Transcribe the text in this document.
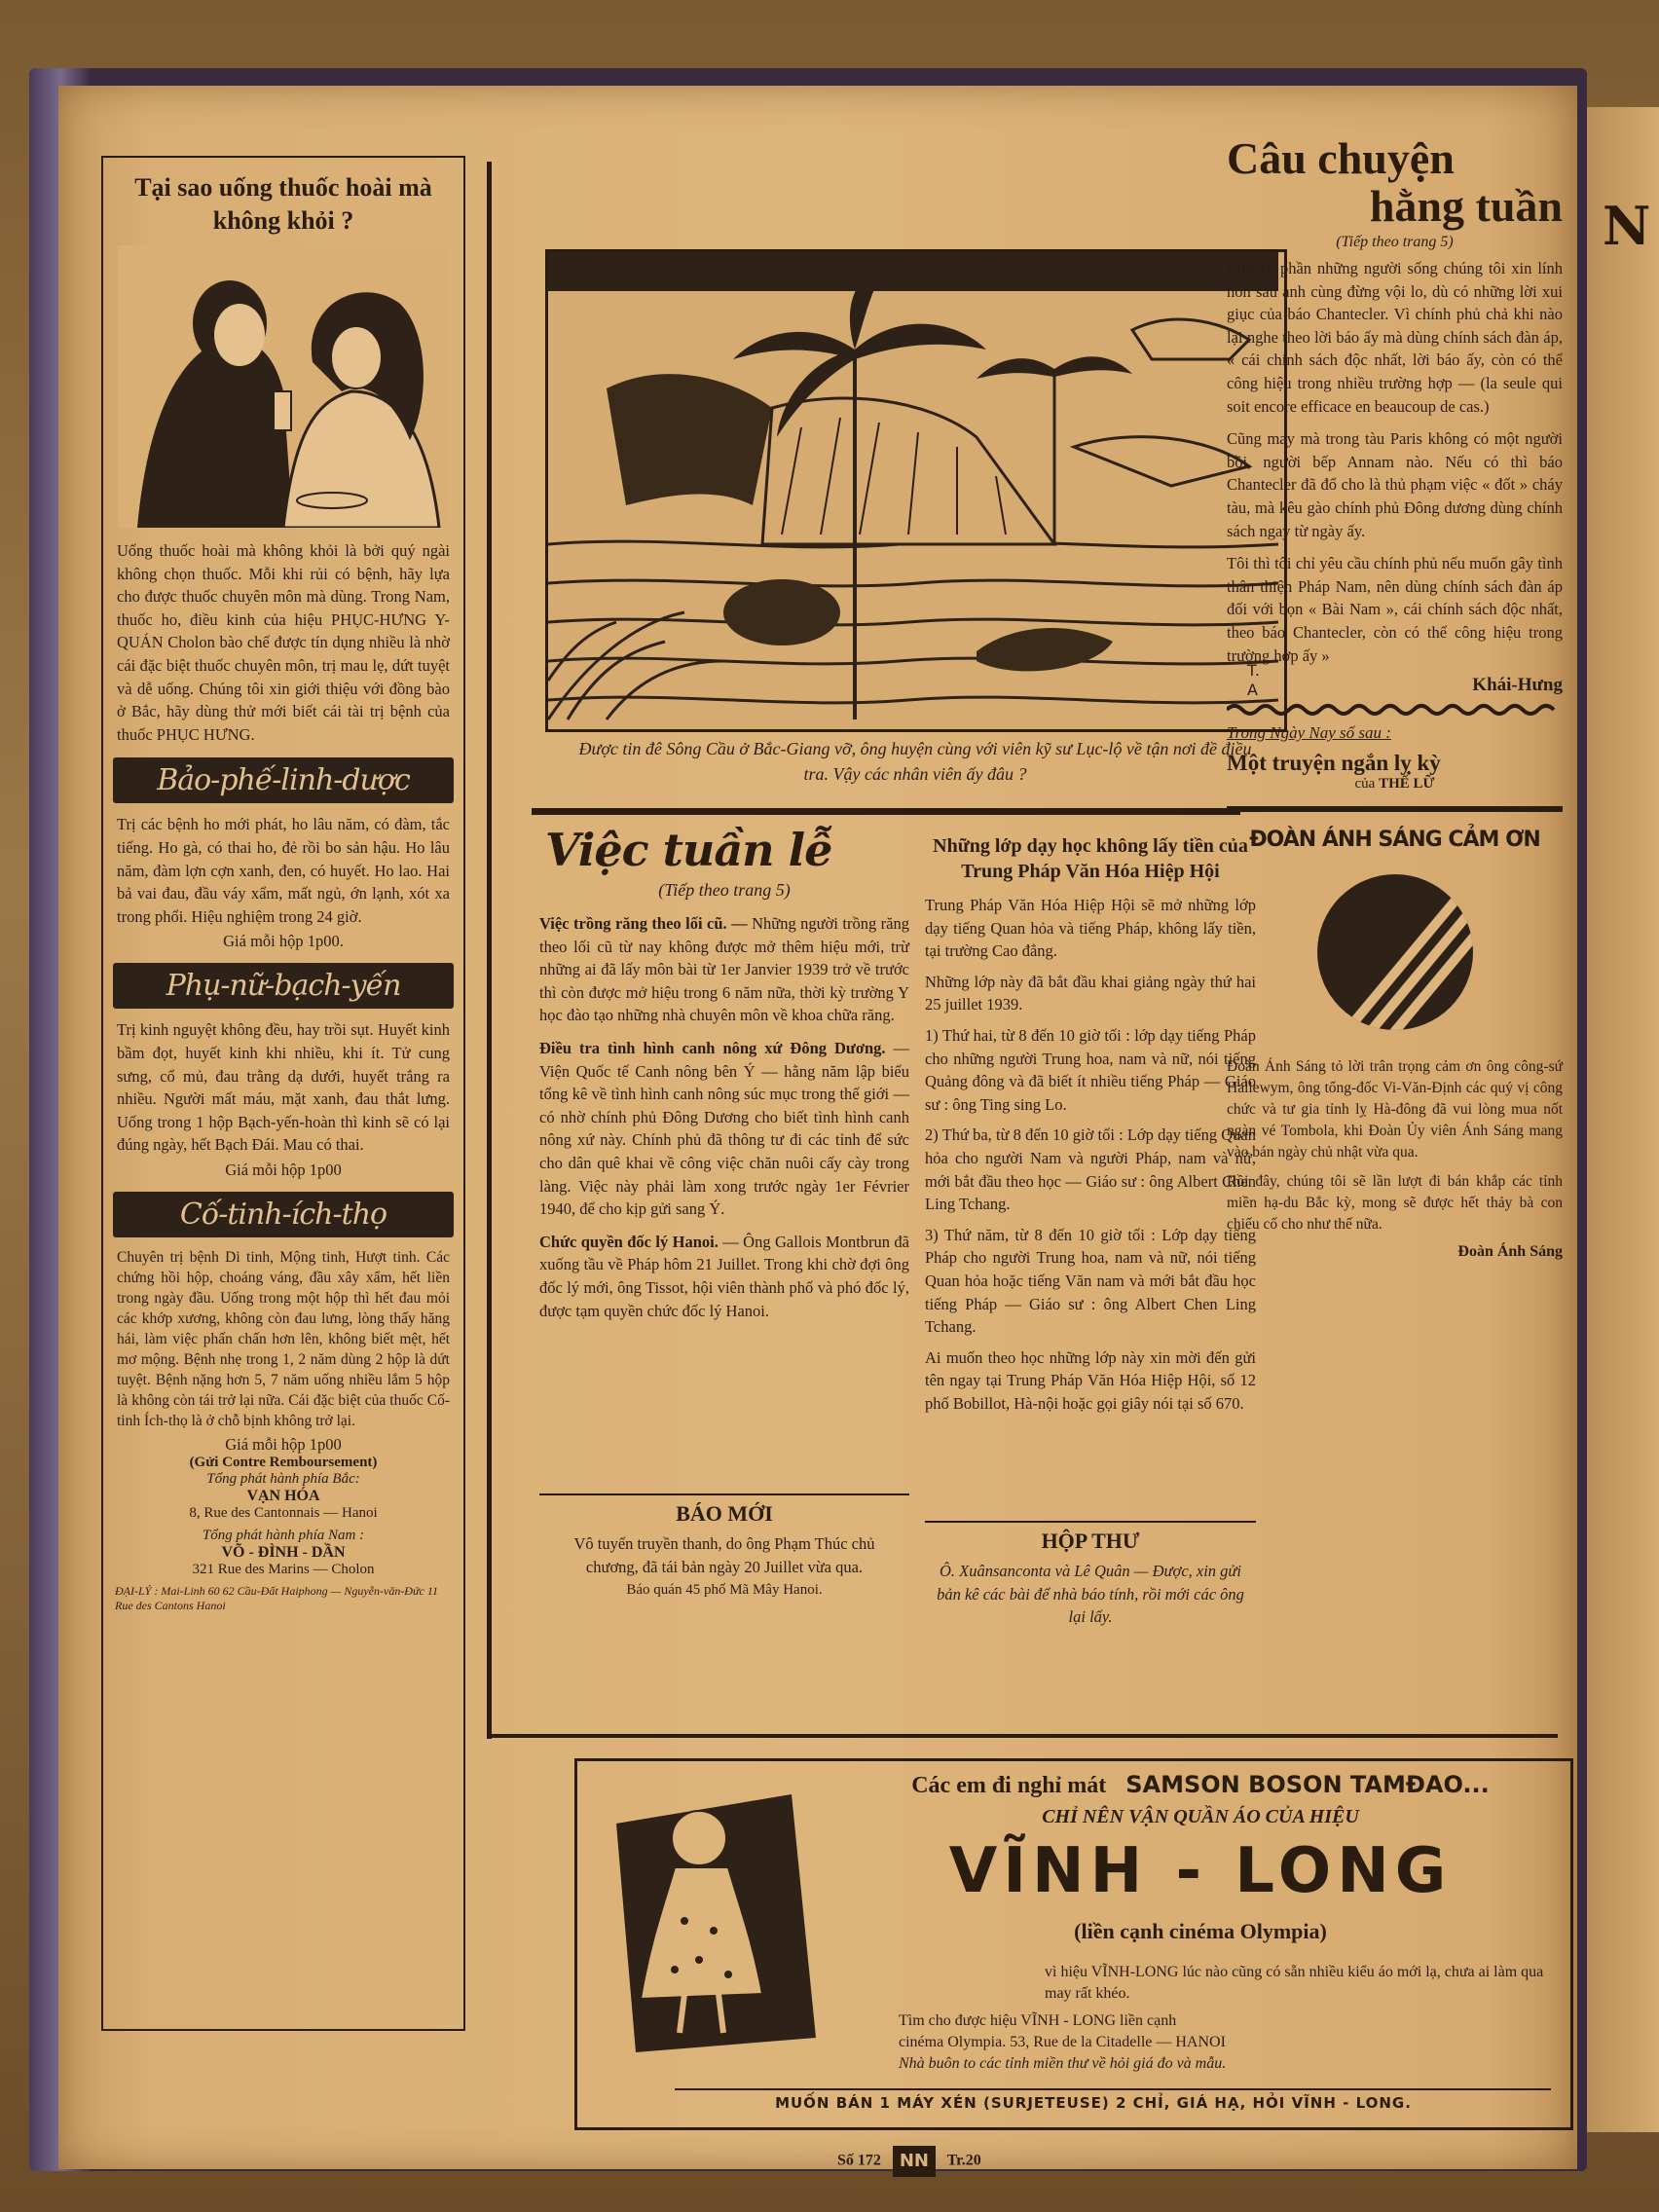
N
Tại sao uống thuốc hoài mà không khỏi ?

Uống thuốc hoài mà không khỏi là bởi quý ngài không chọn thuốc. Mỗi khi rủi có bệnh, hãy lựa cho được thuốc chuyên môn mà dùng. Trong Nam, thuốc ho, điều kinh của hiệu PHỤC-HƯNG Y-QUÁN Cholon bào chế được tín dụng nhiều là nhờ cái đặc biệt thuốc chuyên môn, trị mau lẹ, dứt tuyệt và dễ uống. Chúng tôi xin giới thiệu với đồng bào ở Bắc, hãy dùng thử mới biết cái tài trị bệnh của thuốc PHỤC HƯNG.

Bảo-phế-linh-dược

Trị các bệnh ho mới phát, ho lâu năm, có đàm, tắc tiếng. Ho gà, có thai ho, đẻ rồi bo sản hậu. Ho lâu năm, đàm lợn cợn xanh, đen, có huyết. Ho lao. Hai bả vai đau, đầu váy xẩm, mất ngủ, ớn lạnh, xót xa trong phổi. Hiệu nghiệm trong 24 giờ.

Giá mỗi hộp 1p00.
Phụ-nữ-bạch-yến

Trị kinh nguyệt không đều, hay trồi sụt. Huyết kinh bầm đọt, huyết kinh khi nhiều, khi ít. Tử cung sưng, cổ mủ, đau trằng dạ dưới, huyết trắng ra nhiều. Người mất máu, mặt xanh, đau thắt lưng. Uống trong 1 hộp Bạch-yến-hoàn thì kinh sẽ có lại đúng ngày, hết Bạch Đái. Mau có thai.

Giá mỗi hộp 1p00
Cố-tinh-ích-thọ

Chuyên trị bệnh Di tinh, Mộng tinh, Hượt tinh. Các chứng hồi hộp, choáng váng, đầu xây xẩm, hết liền trong ngày đầu. Uống trong một hộp thì hết đau mỏi các khớp xương, không còn đau lưng, lòng thấy hăng hái, làm việc phấn chấn hơn lên, không biết mệt, hết mơ mộng. Bệnh nhẹ trong 1, 2 năm dùng 2 hộp là dứt tuyệt. Bệnh nặng hơn 5, 7 năm uống nhiều lắm 5 hộp là không còn tái trở lại nữa. Cái đặc biệt của thuốc Cố-tinh Ích-thọ là ở chỗ bịnh không trở lại.

Giá mỗi hộp 1p00
(Gửi Contre Remboursement)
Tổng phát hành phía Bắc:
VẠN HÓA
8, Rue des Cantonnais — Hanoi
Tổng phát hành phía Nam :
VÕ - ĐÌNH - DẦN
321 Rue des Marins — Cholon
ĐẠI-LÝ : Mai-Linh 60 62 Cầu-Đất Haiphong — Nguyễn-văn-Đức 11 Rue des Cantons Hanoi
T. A
Được tin đê Sông Cầu ở Bắc-Giang vỡ, ông huyện cùng với viên kỹ sư Lục-lộ về tận nơi đề điều tra. Vậy các nhân viên ấy đâu ?
Việc tuần lễ
(Tiếp theo trang 5)

Việc trồng răng theo lối cũ. — Những người trồng răng theo lối cũ từ nay không được mở thêm hiệu mới, trừ những ai đã lấy môn bài từ 1er Janvier 1939 trở về trước thì còn được mở hiệu trong 6 năm nữa, thời kỳ trường Y học đào tạo những nhà chuyên môn về khoa chữa răng.

Điều tra tình hình canh nông xứ Đông Dương. — Viện Quốc tế Canh nông bên Ý — hằng năm lập biểu tổng kê về tình hình canh nông súc mục trong thế giới — có nhờ chính phủ Đông Dương cho biết tình hình canh nông xứ này. Chính phủ đã thông tư đi các tỉnh để sức cho dân quê khai về công việc chăn nuôi cấy cày trong làng. Việc này phải làm xong trước ngày 1er Février 1940, để cho kịp gửi sang Ý.

Chức quyền đốc lý Hanoi. — Ông Gallois Montbrun đã xuống tầu về Pháp hôm 21 Juillet. Trong khi chờ đợi ông đốc lý mới, ông Tissot, hội viên thành phố và phó đốc lý, được tạm quyền chức đốc lý Hanoi.

BÁO MỚI

Vô tuyến truyền thanh, do ông Phạm Thúc chủ chương, đã tái bản ngày 20 Juillet vừa qua.

Báo quán 45 phố Mã Mây Hanoi.
Những lớp dạy học không lấy tiền của Trung Pháp Văn Hóa Hiệp Hội

Trung Pháp Văn Hóa Hiệp Hội sẽ mở những lớp dạy tiếng Quan hỏa và tiếng Pháp, không lấy tiền, tại trường Cao đẳng.

Những lớp này đã bắt đầu khai giảng ngày thứ hai 25 juillet 1939.

1) Thứ hai, từ 8 đến 10 giờ tối : lớp dạy tiếng Pháp cho những người Trung hoa, nam và nữ, nói tiếng Quảng đông và đã biết ít nhiều tiếng Pháp — Giáo sư : ông Ting sing Lo.

2) Thứ ba, từ 8 đến 10 giờ tối : Lớp dạy tiếng Quan hỏa cho người Nam và người Pháp, nam và nữ, mới bắt đầu theo học — Giáo sư : ông Albert Chen Ling Tchang.

3) Thứ năm, từ 8 đến 10 giờ tối : Lớp dạy tiếng Pháp cho người Trung hoa, nam và nữ, nói tiếng Quan hỏa hoặc tiếng Văn nam và mới bắt đầu học tiếng Pháp — Giáo sư : ông Albert Chen Ling Tchang.

Ai muốn theo học những lớp này xin mời đến gửi tên ngay tại Trung Pháp Văn Hóa Hiệp Hội, số 12 phố Bobillot, Hà-nội hoặc gọi giây nói tại số 670.

HỘP THƯ

Ô. Xuânsanconta và Lê Quân — Được, xin gửi bản kê các bài để nhà báo tính, rồi mới các ông lại lấy.

Câu chuyện
hằng tuần
(Tiếp theo trang 5)

Còn về phần những người sống chúng tôi xin lính hồn sáu anh cùng đừng vội lo, dù có những lời xui giục của báo Chantecler. Vì chính phủ chả khi nào lại nghe theo lời báo ấy mà dùng chính sách đàn áp, « cái chính sách độc nhất, lời báo ấy, còn có thể công hiệu trong nhiều trường hợp — (la seule qui soit encore efficace en beaucoup de cas.)

Cũng may mà trong tàu Paris không có một người bồi, người bếp Annam nào. Nếu có thì báo Chantecler đã đổ cho là thủ phạm việc « đốt » cháy tàu, mà kêu gào chính phủ Đông dương dùng chính sách ngay từ ngày ấy.

Tôi thì tôi chỉ yêu cầu chính phủ nếu muốn gây tình thân thiện Pháp Nam, nên dùng chính sách đàn áp đối với bọn « Bài Nam », cái chính sách độc nhất, theo báo Chantecler, còn có thể công hiệu trong trường hợp ấy »

Khái-Hưng
Trong Ngày Nay số sau :
Một truyện ngắn lỵ kỳ
của THẾ LỮ
ĐOÀN ÁNH SÁNG CẢM ƠN

Đoàn Ánh Sáng tỏ lời trân trọng cảm ơn ông công-sứ Hallewym, ông tổng-đốc Vi-Văn-Định các quý vị công chức và tư gia tỉnh lỵ Hà-đông đã vui lòng mua nốt ngàn vé Tombola, khi Đoàn Ủy viên Ánh Sáng mang vào bán ngày chủ nhật vừa qua.

Rồi đây, chúng tôi sẽ lần lượt đi bán khắp các tỉnh miền hạ-du Bắc kỳ, mong sẽ được hết thảy bà con chiếu cố cho như thế nữa.

Đoàn Ánh Sáng
Các em đi nghỉ mát SAMSON BOSON TAMĐAO...
CHỈ NÊN VẬN QUẦN ÁO CỦA HIỆU
VĨNH - LONG
(liền cạnh cinéma Olympia)
vì hiệu VĨNH-LONG lúc nào cũng có sẵn nhiều kiểu áo mới lạ, chưa ai làm qua may rất khéo.
Tìm cho được hiệu VĨNH - LONG liền cạnh
cinéma Olympia. 53, Rue de la Citadelle — HANOI
Nhà buôn to các tỉnh miền thư về hỏi giá đo và mẫu.
MUỐN BÁN 1 MÁY XÉN (SURJETEUSE) 2 CHỈ, GIÁ HẠ, HỎI VĨNH - LONG.
Số 172 NN Tr.20
